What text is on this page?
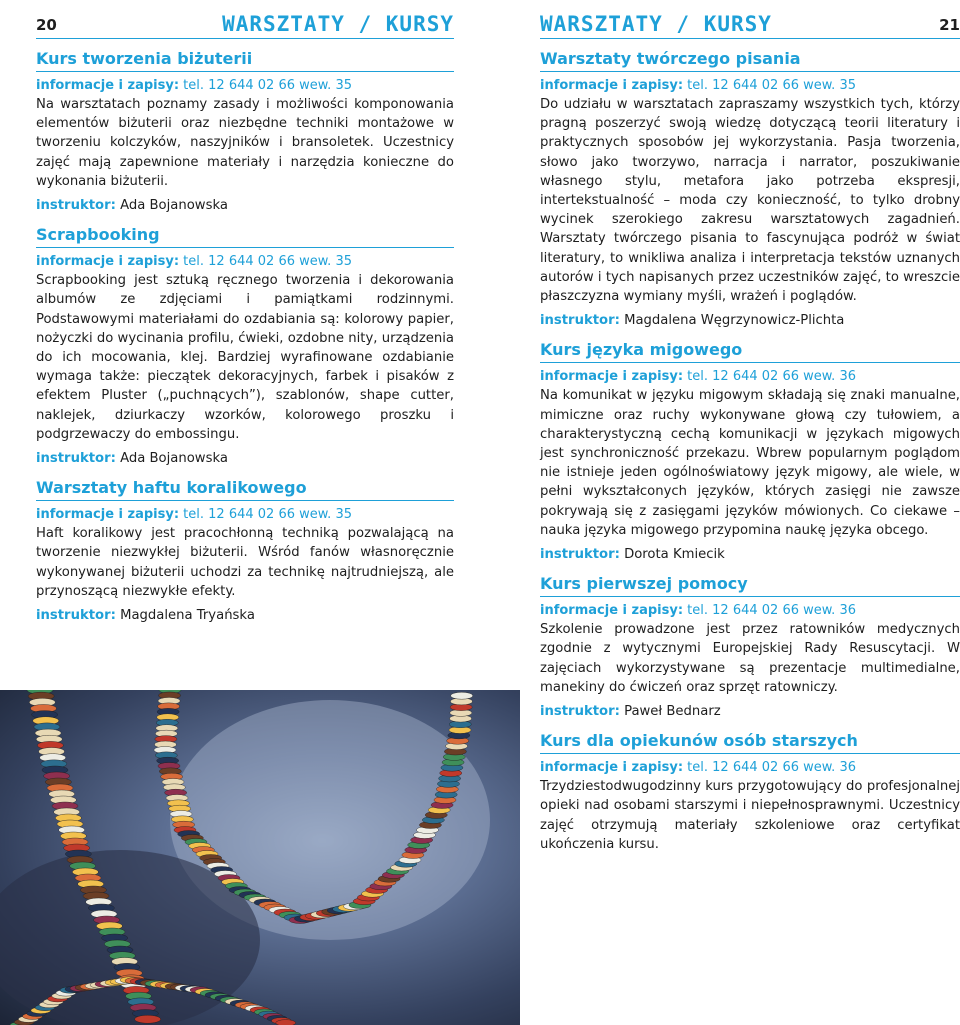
20	WARSZTATY / KURSY
Kurs tworzenia biżuterii
informacje i zapisy: tel. 12 644 02 66 wew. 35

Na warsztatach poznamy zasady i możliwości komponowania elementów biżuterii oraz niezbędne techniki montażowe w tworzeniu kolczyków, naszyjników i bransoletek. Uczestnicy zajęć mają zapewnione materiały i narzędzia konieczne do wykonania biżuterii.

instruktor: Ada Bojanowska
Scrapbooking
informacje i zapisy: tel. 12 644 02 66 wew. 35

Scrapbooking jest sztuką ręcznego tworzenia i dekorowania albumów ze zdjęciami i pamiątkami rodzinnymi. Podstawowymi materiałami do ozdabiania są: kolorowy papier, nożyczki do wycinania profilu, ćwieki, ozdobne nity, urządzenia do ich mocowania, klej. Bardziej wyrafinowane ozdabianie wymaga także: pieczątek dekoracyjnych, farbek i pisaków z efektem Pluster („puchnących”), szablonów, shape cutter, naklejek, dziurkaczy wzorków, kolorowego proszku i podgrzewaczy do embossingu.

instruktor: Ada Bojanowska
Warsztaty haftu koralikowego
informacje i zapisy: tel. 12 644 02 66 wew. 35

Haft koralikowy jest pracochłonną techniką pozwalającą na tworzenie niezwykłej biżuterii. Wśród fanów własnoręcznie wykonywanej biżuterii uchodzi za technikę najtrudniejszą, ale przynoszącą niezwykłe efekty.

instruktor: Magdalena Tryańska
WARSZTATY / KURSY	21
Warsztaty twórczego pisania
informacje i zapisy: tel. 12 644 02 66 wew. 35

Do udziału w warsztatach zapraszamy wszystkich tych, którzy pragną poszerzyć swoją wiedzę dotyczącą teorii literatury i praktycznych sposobów jej wykorzystania. Pasja tworzenia, słowo jako tworzywo, narracja i narrator, poszukiwanie własnego stylu, metafora jako potrzeba ekspresji, intertekstualność – moda czy konieczność, to tylko drobny wycinek szerokiego zakresu warsztatowych zagadnień. Warsztaty twórczego pisania to fascynująca podróż w świat literatury, to wnikliwa analiza i interpretacja tekstów uznanych autorów i tych napisanych przez uczestników zajęć, to wreszcie płaszczyzna wymiany myśli, wrażeń i poglądów.

instruktor: Magdalena Węgrzynowicz-Plichta
Kurs języka migowego
informacje i zapisy: tel. 12 644 02 66 wew. 36

Na komunikat w języku migowym składają się znaki manualne, mimiczne oraz ruchy wykonywane głową czy tułowiem, a charakterystyczną cechą komunikacji w językach migowych jest synchroniczność przekazu. Wbrew popularnym poglądom nie istnieje jeden ogólnoświatowy język migowy, ale wiele, w pełni wykształconych języków, których zasięgi nie zawsze pokrywają się z zasięgami języków mówionych. Co ciekawe – nauka języka migowego przypomina naukę języka obcego.

instruktor: Dorota Kmiecik
Kurs pierwszej pomocy
informacje i zapisy: tel. 12 644 02 66 wew. 36

Szkolenie prowadzone jest przez ratowników medycznych zgodnie z wytycznymi Europejskiej Rady Resuscytacji. W zajęciach wykorzystywane są prezentacje multimedialne, manekiny do ćwiczeń oraz sprzęt ratowniczy.

instruktor: Paweł Bednarz
Kurs dla opiekunów osób starszych
informacje i zapisy: tel. 12 644 02 66 wew. 36

Trzydziestodwugodzinny kurs przygotowujący do profesjonalnej opieki nad osobami starszymi i niepełnosprawnymi. Uczestnicy zajęć otrzymują materiały szkoleniowe oraz certyfikat ukończenia kursu.
